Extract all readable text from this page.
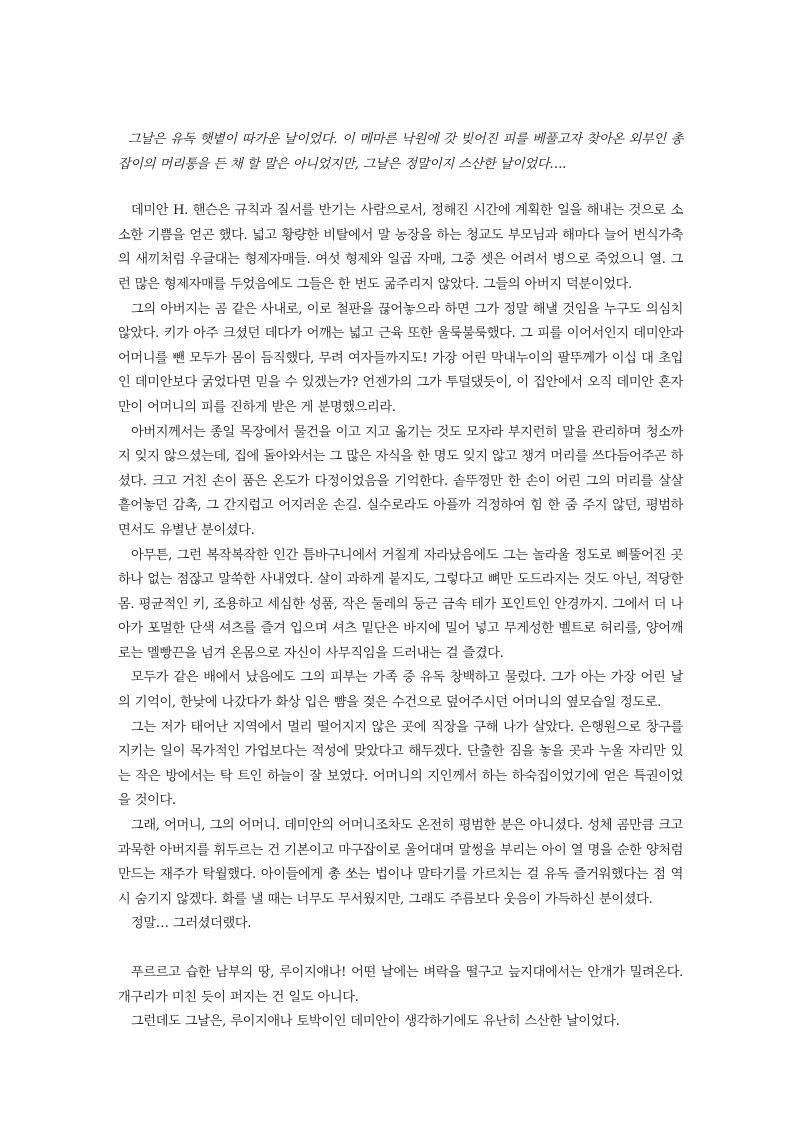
그날은 유독 햇볕이 따가운 날이었다. 이 메마른 낙원에 갓 빚어진 피를 베풀고자 찾아온 외부인 총잡이의 머리통을 든 채 할 말은 아니었지만, 그날은 정말이지 스산한 날이었다….

데미안 H. 핸슨은 규칙과 질서를 반기는 사람으로서, 정해진 시간에 계획한 일을 해내는 것으로 소소한 기쁨을 얻곤 했다. 넓고 황량한 비탈에서 말 농장을 하는 청교도 부모님과 해마다 늘어 번식가축의 새끼처럼 우글대는 형제자매들. 여섯 형제와 일곱 자매, 그중 셋은 어려서 병으로 죽었으니 열. 그런 많은 형제자매를 두었음에도 그들은 한 번도 굶주리지 않았다. 그들의 아버지 덕분이었다.

그의 아버지는 곰 같은 사내로, 이로 철판을 끊어놓으라 하면 그가 정말 해낼 것임을 누구도 의심치 않았다. 키가 아주 크셨던 데다가 어깨는 넓고 근육 또한 울룩불룩했다. 그 피를 이어서인지 데미안과 어머니를 뺀 모두가 몸이 듬직했다, 무려 여자들까지도! 가장 어린 막내누이의 팔뚜께가 이십 대 초입인 데미안보다 굵었다면 믿을 수 있겠는가? 언젠가의 그가 투덜댔듯이, 이 집안에서 오직 데미안 혼자만이 어머니의 피를 진하게 받은 게 분명했으리라.

아버지께서는 종일 목장에서 물건을 이고 지고 옮기는 것도 모자라 부지런히 말을 관리하며 청소까지 잊지 않으셨는데, 집에 돌아와서는 그 많은 자식을 한 명도 잊지 않고 챙겨 머리를 쓰다듬어주곤 하셨다. 크고 거친 손이 품은 온도가 다정이었음을 기억한다. 솥뚜껑만 한 손이 어린 그의 머리를 살살 흩어놓던 감촉, 그 간지럽고 어지러운 손길. 실수로라도 아플까 걱정하여 힘 한 줌 주지 않던, 평범하면서도 유별난 분이셨다.

아무튼, 그런 복작복작한 인간 틈바구니에서 거칠게 자라났음에도 그는 놀라울 정도로 삐뚤어진 곳 하나 없는 점잖고 말쑥한 사내였다. 살이 과하게 붙지도, 그렇다고 뼈만 도드라지는 것도 아닌, 적당한 몸. 평균적인 키, 조용하고 세심한 성품, 작은 둘레의 둥근 금속 테가 포인트인 안경까지. 그에서 더 나아가 포멀한 단색 셔츠를 즐겨 입으며 셔츠 밑단은 바지에 밀어 넣고 무게성한 벨트로 허리를, 양어깨로는 멜빵끈을 넘겨 온몸으로 자신이 사무직임을 드러내는 걸 즐겼다.

모두가 같은 배에서 났음에도 그의 피부는 가족 중 유독 창백하고 물렀다. 그가 아는 가장 어린 날의 기억이, 한낮에 나갔다가 화상 입은 뺨을 젖은 수건으로 덮어주시던 어머니의 옆모습일 정도로.

그는 저가 태어난 지역에서 멀리 떨어지지 않은 곳에 직장을 구해 나가 살았다. 은행원으로 창구를 지키는 일이 목가적인 가업보다는 적성에 맞았다고 해두겠다. 단출한 짐을 놓을 곳과 누울 자리만 있는 작은 방에서는 탁 트인 하늘이 잘 보였다. 어머니의 지인께서 하는 하숙집이었기에 얻은 특권이었을 것이다.

그래, 어머니, 그의 어머니. 데미안의 어머니조차도 온전히 평범한 분은 아니셨다. 성체 곰만큼 크고 과묵한 아버지를 휘두르는 건 기본이고 마구잡이로 울어대며 말썽을 부리는 아이 열 명을 순한 양처럼 만드는 재주가 탁월했다. 아이들에게 총 쏘는 법이나 말타기를 가르치는 걸 유독 즐거워했다는 점 역시 숨기지 않겠다. 화를 낼 때는 너무도 무서웠지만, 그래도 주름보다 웃음이 가득하신 분이셨다.

정말… 그러셨더랬다.

푸르르고 습한 남부의 땅, 루이지애나! 어떤 날에는 벼락을 떨구고 늪지대에서는 안개가 밀려온다. 개구리가 미친 듯이 퍼지는 건 일도 아니다.

그런데도 그날은, 루이지애나 토박이인 데미안이 생각하기에도 유난히 스산한 날이었다.
